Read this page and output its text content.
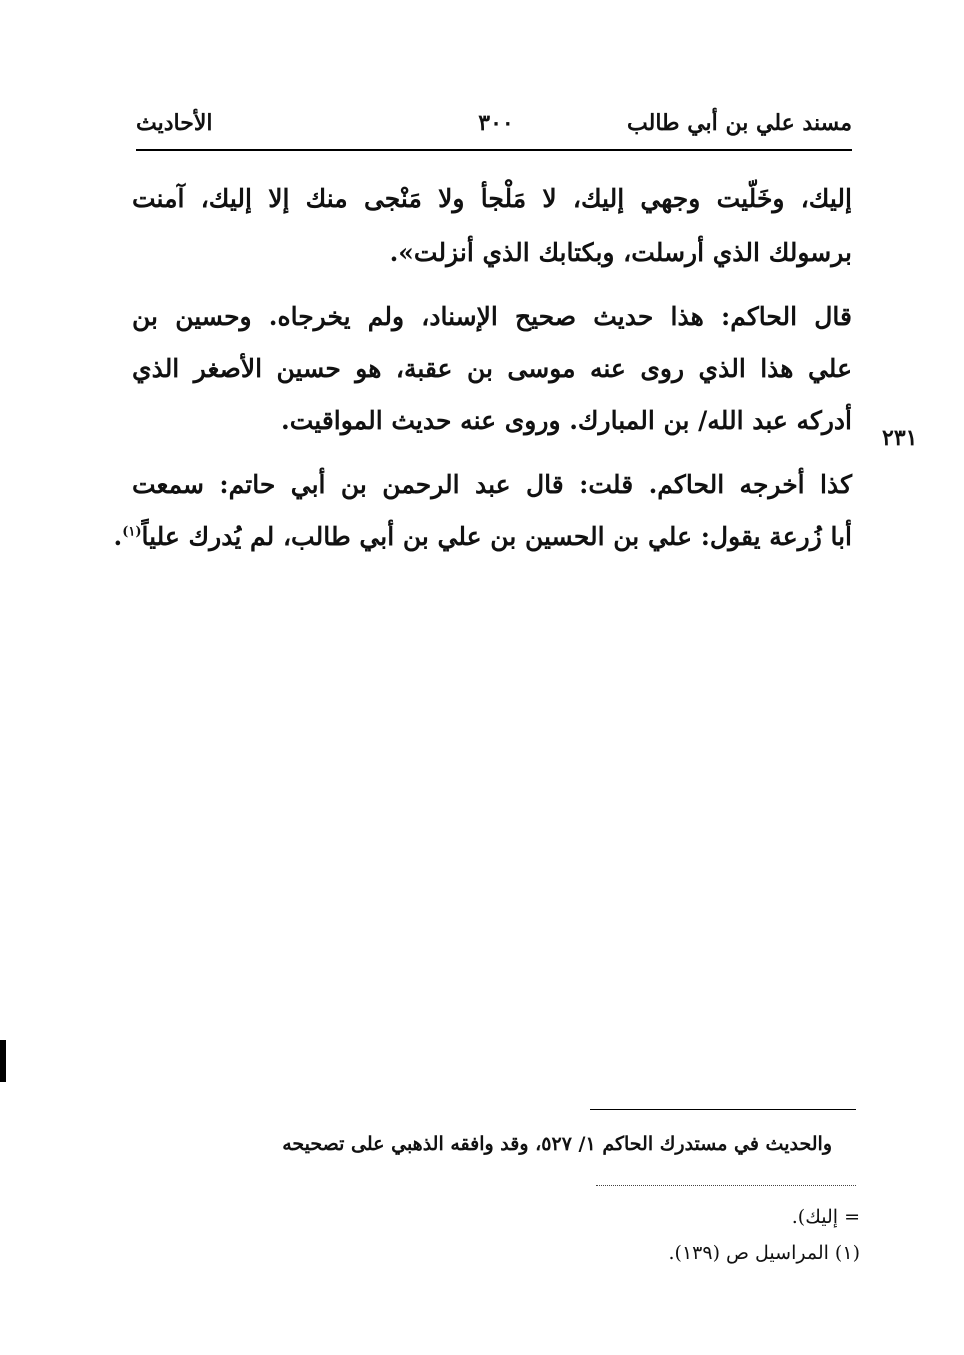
مسند علي بن أبي طالب
٣٠٠
الأحاديث
إليك، وخَلّيت وجهي إليك، لا مَلْجأ ولا مَنْجى منك إلا إليك، آمنت
برسولك الذي أرسلت، وبكتابك الذي أنزلت».
قال الحاكم: هذا حديث صحيح الإسناد، ولم يخرجاه. وحسين بن
علي هذا الذي روى عنه موسى بن عقبة، هو حسين الأصغر الذي
أدركه عبد الله/ بن المبارك. وروى عنه حديث المواقيت.
٢٣١
كذا أخرجه الحاكم. قلت: قال عبد الرحمن بن أبي حاتم: سمعت
أبا زُرعة يقول: علي بن الحسين بن علي بن أبي طالب، لم يُدرك علياً$^{(١)}$.
والحديث في مستدرك الحاكم ١/ ٥٢٧، وقد وافقه الذهبي على تصحيحه
= إليك).
(١) المراسيل ص (١٣٩).
